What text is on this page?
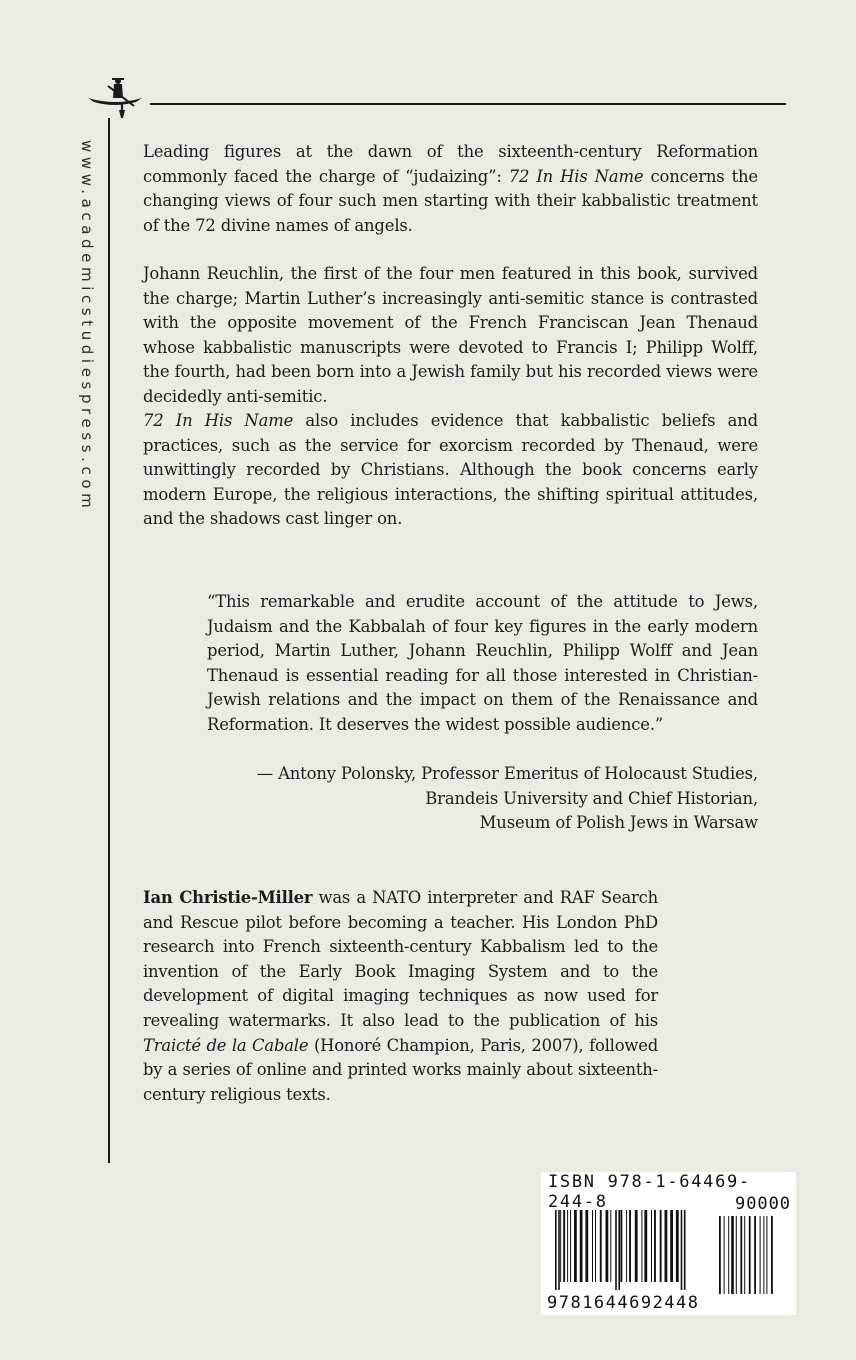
www.academicstudiespress.com	Leading figures at the dawn of the sixteenth-century Reformation commonly faced the charge of “judaizing”: 72 In His Name concerns the changing views of four such men starting with their kabbalistic treatment of the 72 divine names of angels.

Johann Reuchlin, the first of the four men featured in this book, survived the charge; Martin Luther’s increasingly anti-semitic stance is contrasted with the opposite movement of the French Franciscan Jean Thenaud whose kabbalistic manuscripts were devoted to Francis I; Philipp Wolff, the fourth, had been born into a Jewish family but his recorded views were decidedly anti-semitic.

72 In His Name also includes evidence that kabbalistic beliefs and practices, such as the service for exorcism recorded by Thenaud, were unwittingly recorded by Christians. Although the book concerns early modern Europe, the religious interactions, the shifting spiritual attitudes, and the shadows cast linger on.

“This remarkable and erudite account of the attitude to Jews, Judaism and the Kabbalah of four key figures in the early modern period, Martin Luther, Johann Reuchlin, Philipp Wolff and Jean Thenaud is essential reading for all those interested in Christian-Jewish relations and the impact on them of the Renaissance and Reformation. It deserves the widest possible audience.”
— Antony Polonsky, Professor Emeritus of Holocaust Studies,
Brandeis University and Chief Historian,
Museum of Polish Jews in Warsaw

Ian Christie-Miller was a NATO interpreter and RAF Search and Rescue pilot before becoming a teacher. His London PhD research into French sixteenth-century Kabbalism led to the invention of the Early Book Imaging System and to the development of digital imaging techniques as now used for revealing watermarks. It also lead to the publication of his Traicté de la Cabale (Honoré Champion, Paris, 2007), followed by a series of online and printed works mainly about sixteenth-century religious texts.

9781644692448
90000
ISBN 978-1-64469-244-8
